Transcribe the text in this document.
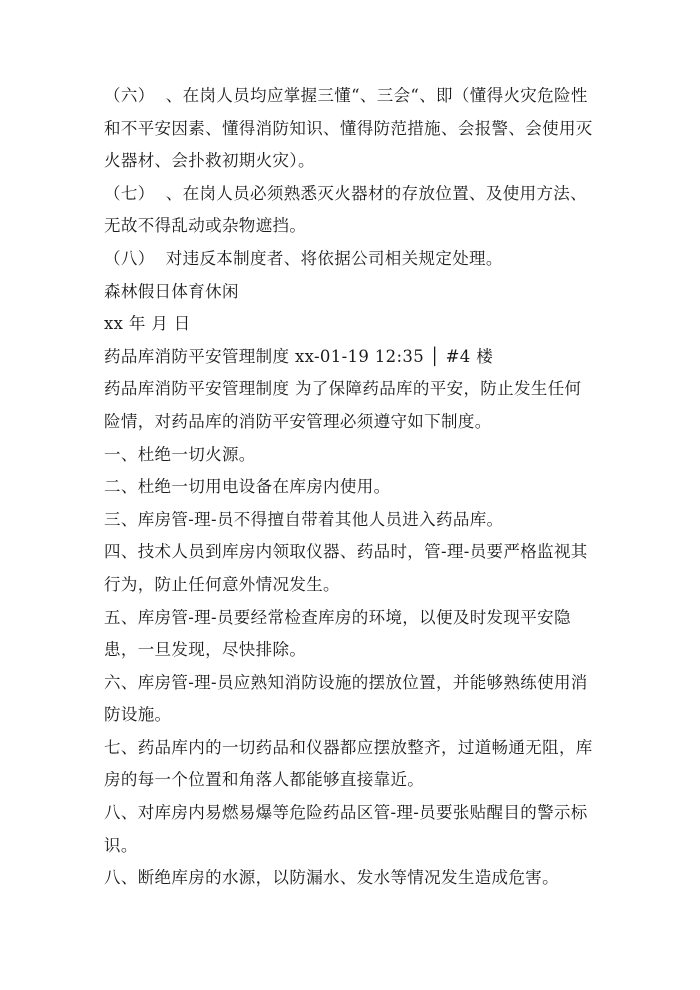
（六）  、在岗人员均应掌握三懂“、三会“、即（懂得火灾危险性和不平安因素、懂得消防知识、懂得防范措施、会报警、会使用灭火器材、会扑救初期火灾）。

（七）  、在岗人员必须熟悉灭火器材的存放位置、及使用方法、无故不得乱动或杂物遮挡。

（八）  对违反本制度者、将依据公司相关规定处理。

森林假日体育休闲

xx 年 月 日

药品库消防平安管理制度 xx-01-19 12:35 │ #4 楼

药品库消防平安管理制度 为了保障药品库的平安，防止发生任何险情，对药品库的消防平安管理必须遵守如下制度。

一、杜绝一切火源。

二、杜绝一切用电设备在库房内使用。

三、库房管-理-员不得擅自带着其他人员进入药品库。

四、技术人员到库房内领取仪器、药品时，管-理-员要严格监视其行为，防止任何意外情况发生。

五、库房管-理-员要经常检查库房的环境，以便及时发现平安隐患，一旦发现，尽快排除。

六、库房管-理-员应熟知消防设施的摆放位置，并能够熟练使用消防设施。

七、药品库内的一切药品和仪器都应摆放整齐，过道畅通无阻，库房的每一个位置和角落人都能够直接靠近。

八、对库房内易燃易爆等危险药品区管-理-员要张贴醒目的警示标识。

八、断绝库房的水源，以防漏水、发水等情况发生造成危害。
